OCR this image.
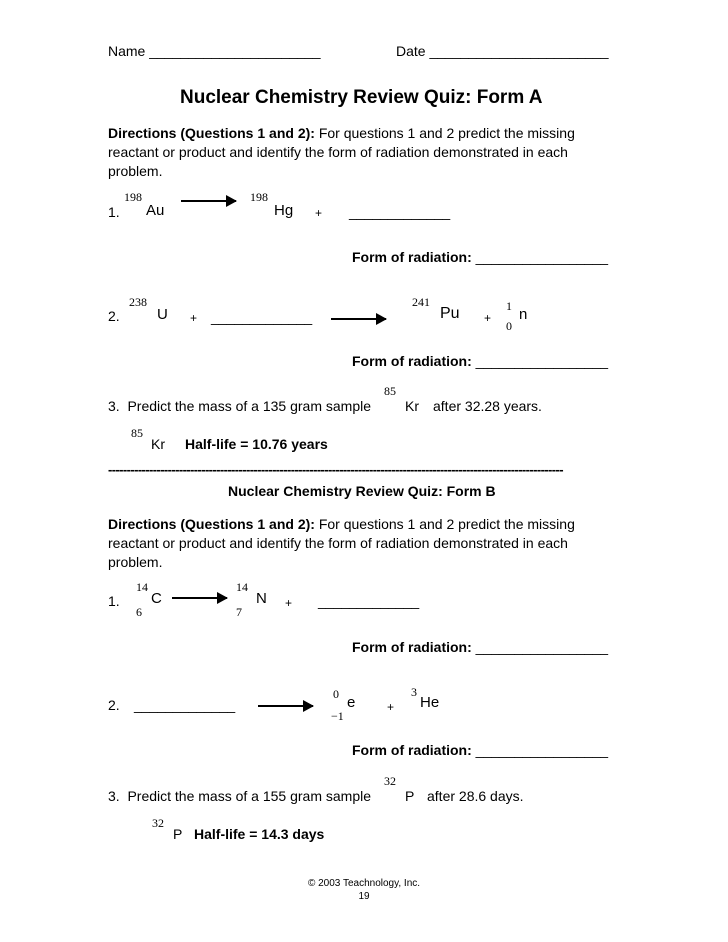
Name ______________________	Date _______________________
Nuclear Chemistry Review Quiz: Form A
Directions (Questions 1 and 2): For questions 1 and 2 predict the missing reactant or product and identify the form of radiation demonstrated in each problem.
1.
198
Au
198
Hg + _____________
Form of radiation: _________________
2.
238
U + _____________
241
Pu +
1
0
n
Form of radiation: _________________
3.  Predict the mass of a 135 gram sample
85
Kr after 32.28 years.
85
Kr Half-life = 10.76 years
--------------------------------------------------------------------------------------------------------------------------
Nuclear Chemistry Review Quiz: Form B
Directions (Questions 1 and 2): For questions 1 and 2 predict the missing reactant or product and identify the form of radiation demonstrated in each problem.
1.
14
6
C
14
7
N + _____________
Form of radiation: _________________
2. _____________
0
−1
e	+
3
He
Form of radiation: _________________
3.  Predict the mass of a 155 gram sample
32
P after 28.6 days.
32
P Half-life = 14.3 days
© 2003 Teachnology, Inc.
19
